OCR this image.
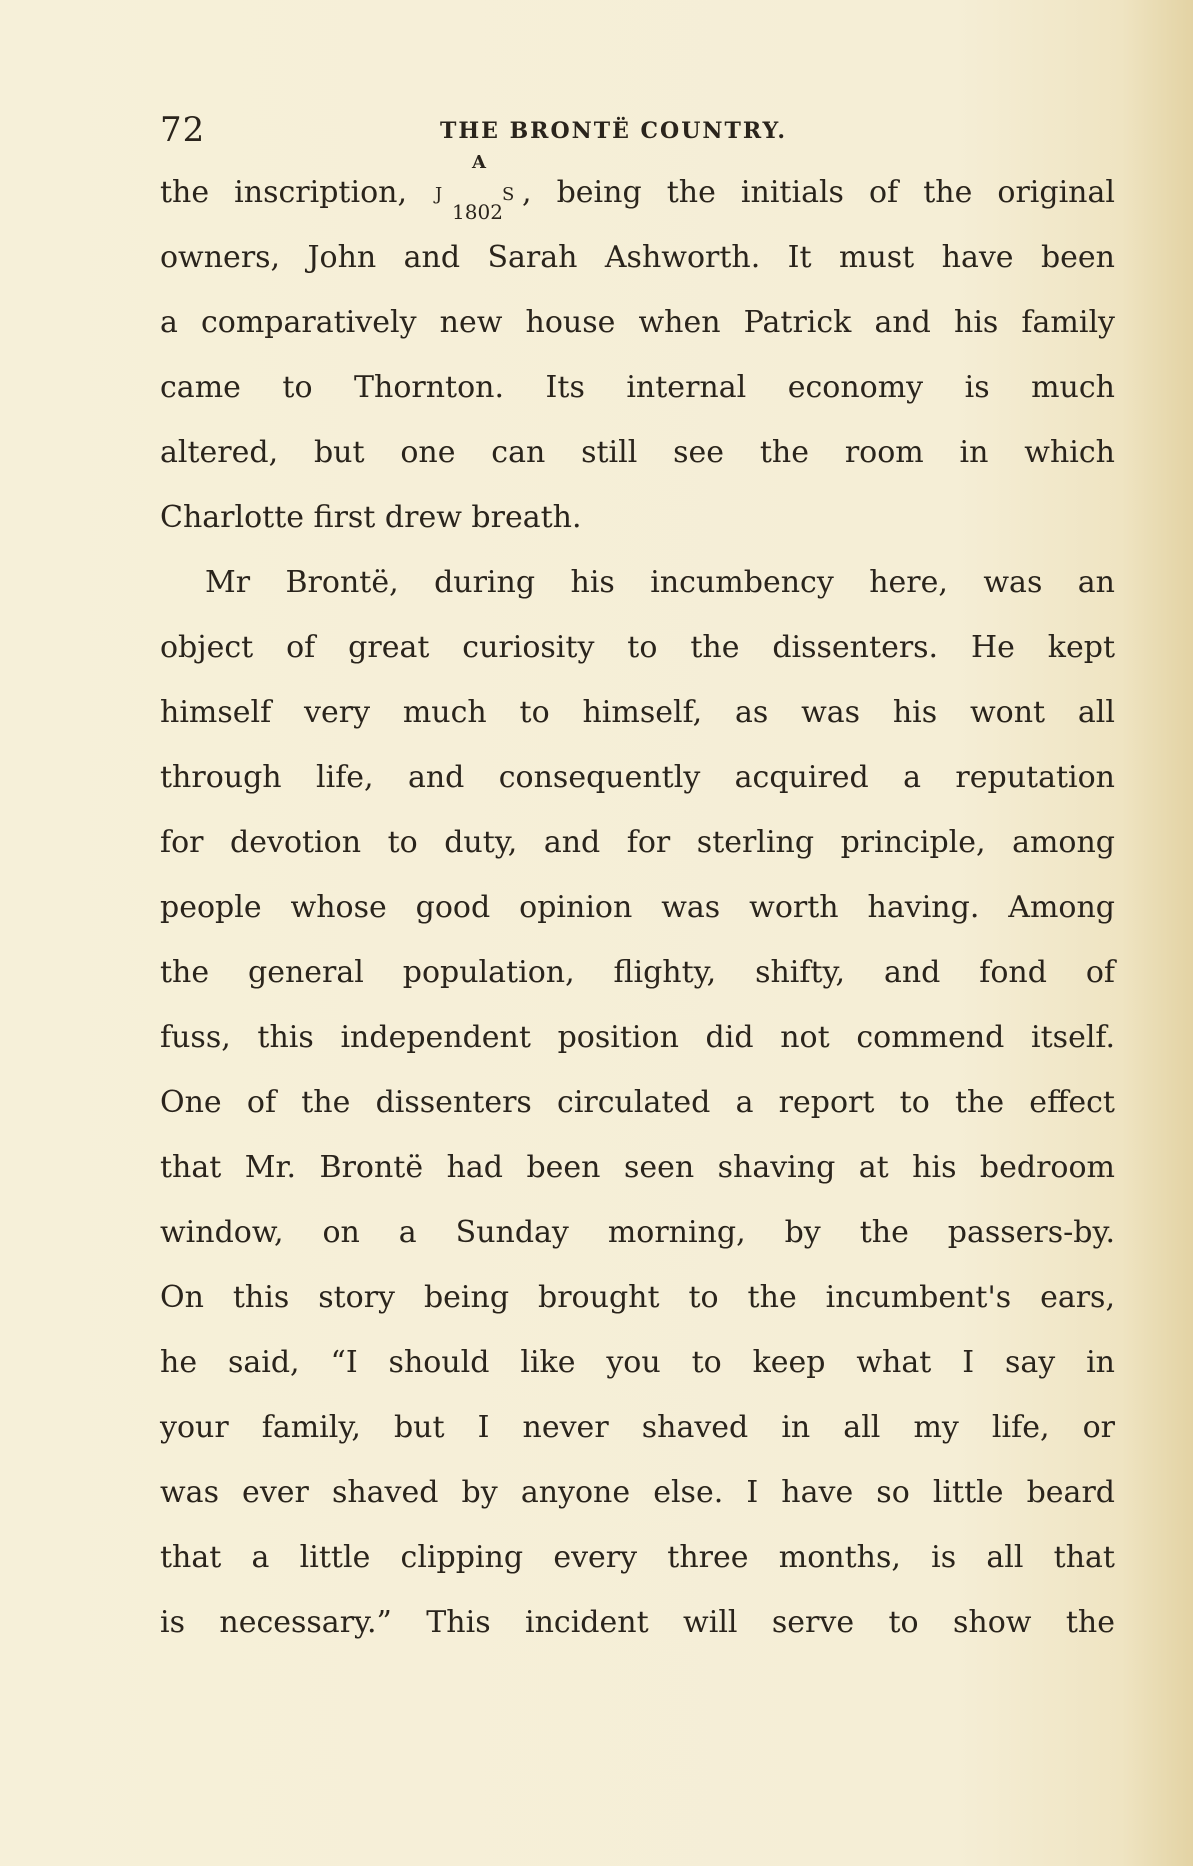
72	THE BRONTË COUNTRY.
the inscription,
A
J
1802
S , being the initials of the original
owners, John and Sarah Ashworth. It must have been
a comparatively new house when Patrick and his family
came to Thornton. Its internal economy is much
altered, but one can still see the room in which
Charlotte first drew breath.
Mr Brontë, during his incumbency here, was an
object of great curiosity to the dissenters. He kept
himself very much to himself, as was his wont all
through life, and consequently acquired a reputation
for devotion to duty, and for sterling principle, among
people whose good opinion was worth having. Among
the general population, flighty, shifty, and fond of
fuss, this independent position did not commend itself.
One of the dissenters circulated a report to the effect
that Mr. Brontë had been seen shaving at his bedroom
window, on a Sunday morning, by the passers-by.
On this story being brought to the incumbent's ears,
he said, “I should like you to keep what I say in
your family, but I never shaved in all my life, or
was ever shaved by anyone else. I have so little beard
that a little clipping every three months, is all that
is necessary.” This incident will serve to show the
